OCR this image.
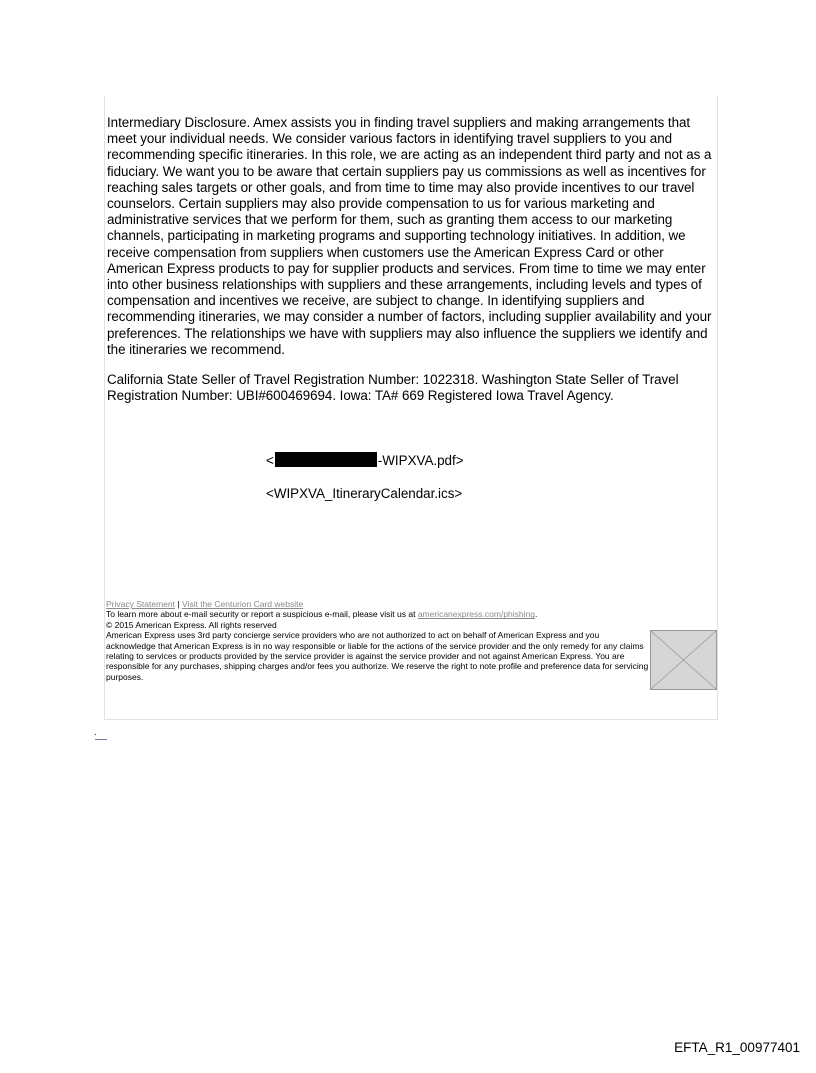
Intermediary Disclosure. Amex assists you in finding travel suppliers and making arrangements that meet your individual needs. We consider various factors in identifying travel suppliers to you and recommending specific itineraries. In this role, we are acting as an independent third party and not as a fiduciary. We want you to be aware that certain suppliers pay us commissions as well as incentives for reaching sales targets or other goals, and from time to time may also provide incentives to our travel counselors. Certain suppliers may also provide compensation to us for various marketing and administrative services that we perform for them, such as granting them access to our marketing channels, participating in marketing programs and supporting technology initiatives. In addition, we receive compensation from suppliers when customers use the American Express Card or other American Express products to pay for supplier products and services. From time to time we may enter into other business relationships with suppliers and these arrangements, including levels and types of compensation and incentives we receive, are subject to change. In identifying suppliers and recommending itineraries, we may consider a number of factors, including supplier availability and your preferences. The relationships we have with suppliers may also influence the suppliers we identify and the itineraries we recommend.

California State Seller of Travel Registration Number: 1022318. Washington State Seller of Travel Registration Number: UBI#600469694. Iowa: TA# 669 Registered Iowa Travel Agency.

<	-WIPXVA.pdf>
<WIPXVA_ItineraryCalendar.ics>

Privacy Statement | Visit the Centurion Card website

To learn more about e-mail security or report a suspicious e-mail, please visit us at americanexpress.com/phishing.

© 2015 American Express. All rights reserved

American Express uses 3rd party concierge service providers who are not authorized to act on behalf of American Express and you acknowledge that American Express is in no way responsible or liable for the actions of the service provider and the only remedy for any claims relating to services or products provided by the service provider is against the service provider and not against American Express. You are responsible for any purchases, shipping charges and/or fees you authorize. We reserve the right to note profile and preference data for servicing purposes.

EFTA_R1_00977401
